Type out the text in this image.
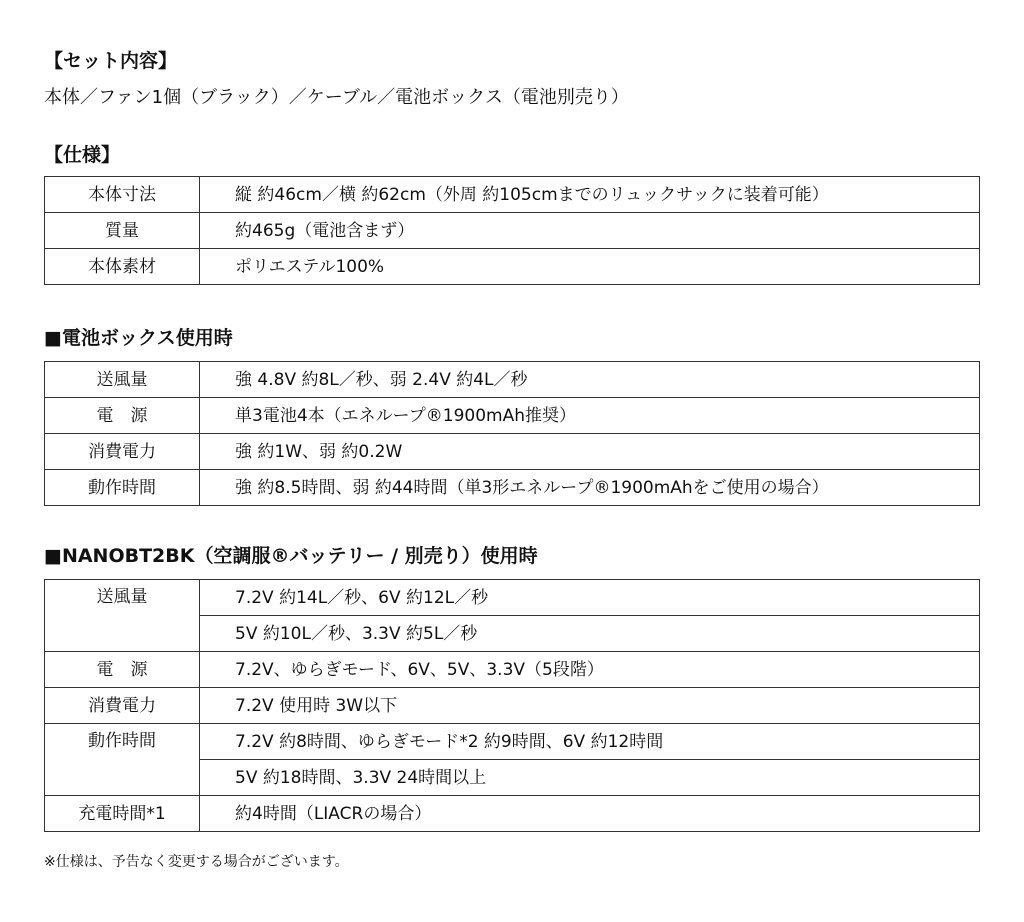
【セット内容】

本体／ファン1個（ブラック）／ケーブル／電池ボックス（電池別売り）

【仕様】
本体寸法	縦 約46cm／横 約62cm（外周 約105cmまでのリュックサックに装着可能）
質量	約465g（電池含まず）
本体素材	ポリエステル100%
■電池ボックス使用時
送風量	強 4.8V 約8L／秒、弱 2.4V 約4L／秒
電　源	単3電池4本（エネループ®1900mAh推奨）
消費電力	強 約1W、弱 約0.2W
動作時間	強 約8.5時間、弱 約44時間（単3形エネループ®1900mAhをご使用の場合）
■NANOBT2BK（空調服®バッテリー / 別売り）使用時
送風量	7.2V 約14L／秒、6V 約12L／秒
	5V 約10L／秒、3.3V 約5L／秒
電　源	7.2V、ゆらぎモード、6V、5V、3.3V（5段階）
消費電力	7.2V 使用時 3W以下
動作時間	7.2V 約8時間、ゆらぎモード*2 約9時間、6V 約12時間
	5V 約18時間、3.3V 24時間以上
充電時間*1	約4時間（LIACRの場合）

※仕様は、予告なく変更する場合がございます。
